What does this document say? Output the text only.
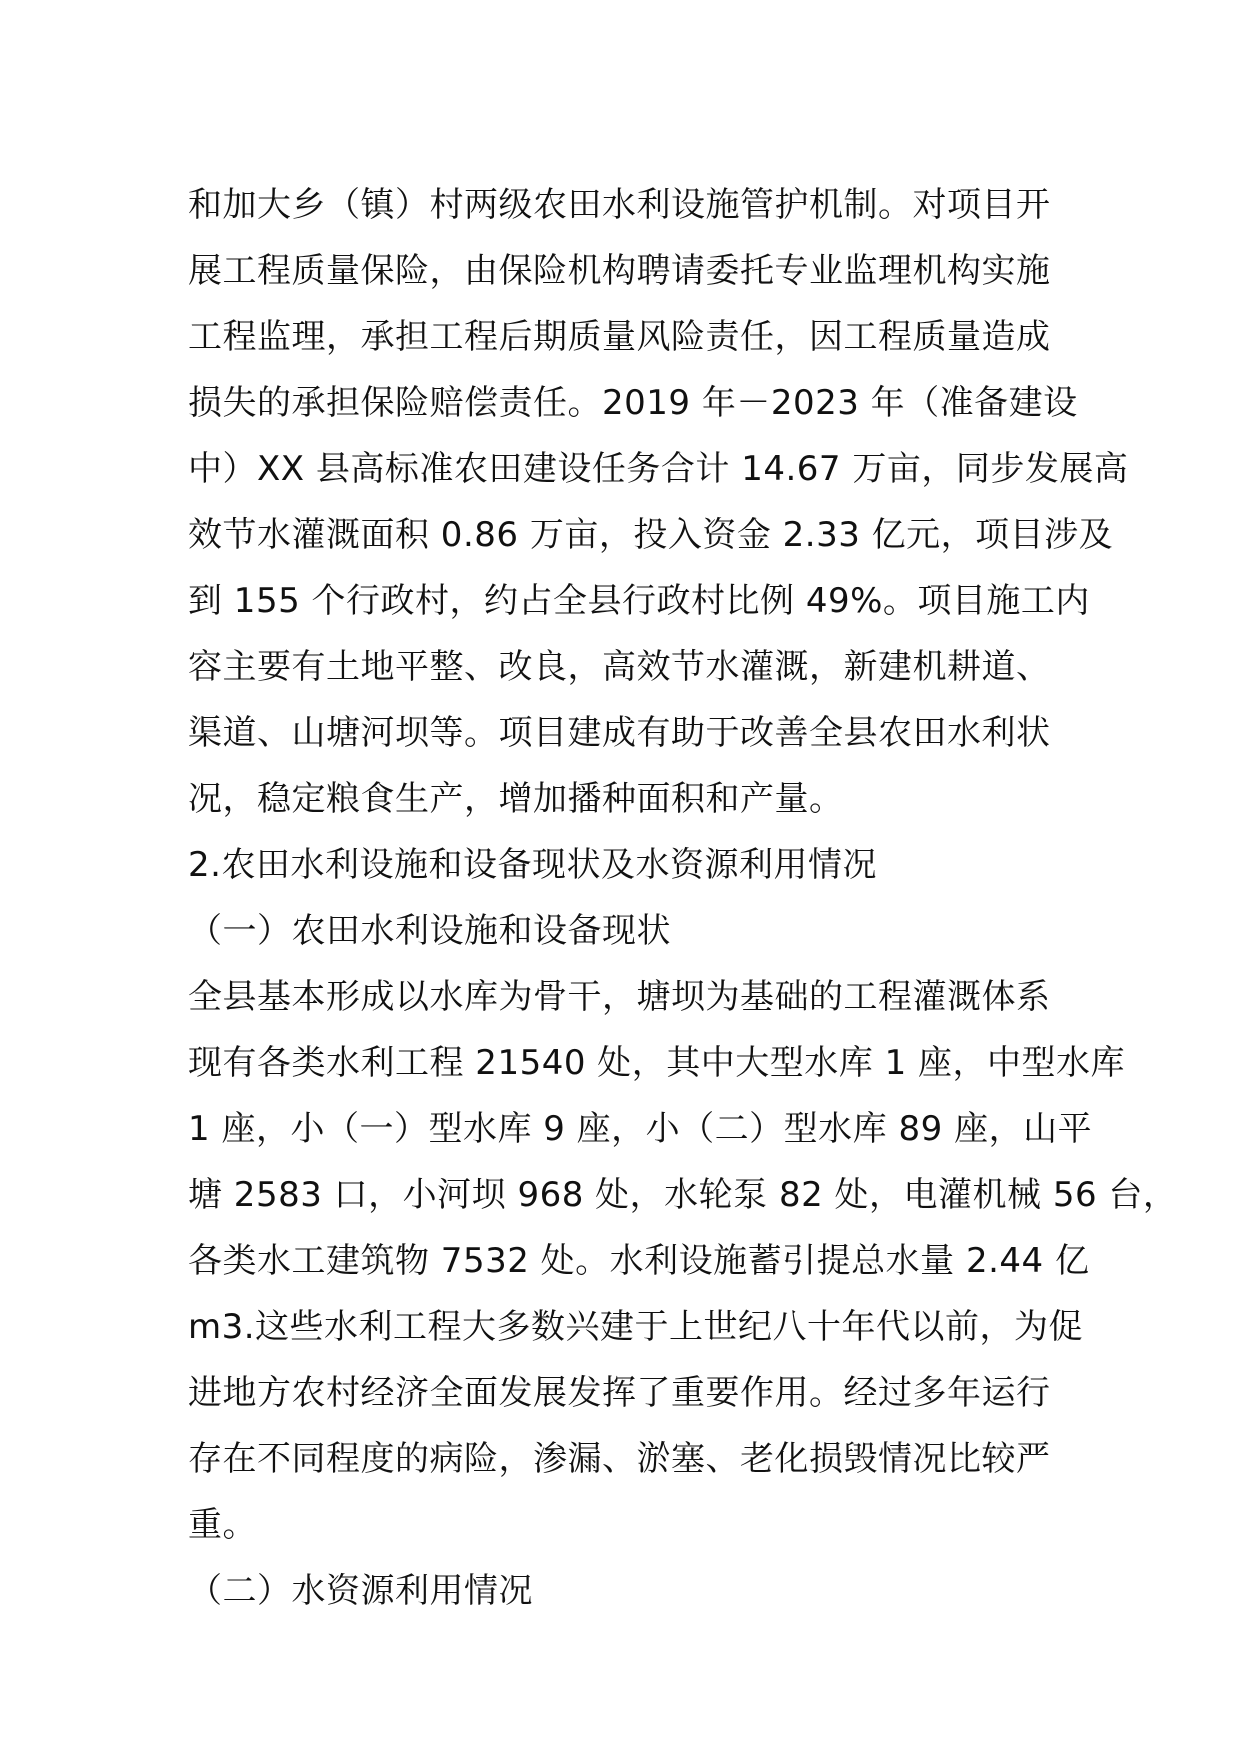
和加大乡（镇）村两级农田水利设施管护机制。对项目开
展工程质量保险，由保险机构聘请委托专业监理机构实施
工程监理，承担工程后期质量风险责任，因工程质量造成
损失的承担保险赔偿责任。2019 年－2023 年（准备建设
中）XX 县高标准农田建设任务合计 14.67 万亩，同步发展高
效节水灌溉面积 0.86 万亩，投入资金 2.33 亿元，项目涉及
到 155 个行政村，约占全县行政村比例 49%。项目施工内
容主要有土地平整、改良，高效节水灌溉，新建机耕道、
渠道、山塘河坝等。项目建成有助于改善全县农田水利状
况，稳定粮食生产，增加播种面积和产量。
2.农田水利设施和设备现状及水资源利用情况
（一）农田水利设施和设备现状
全县基本形成以水库为骨干，塘坝为基础的工程灌溉体系
现有各类水利工程 21540 处，其中大型水库 1 座，中型水库
1 座，小（一）型水库 9 座，小（二）型水库 89 座，山平
塘 2583 口，小河坝 968 处，水轮泵 82 处，电灌机械 56 台，
各类水工建筑物 7532 处。水利设施蓄引提总水量 2.44 亿
m3.这些水利工程大多数兴建于上世纪八十年代以前，为促
进地方农村经济全面发展发挥了重要作用。经过多年运行
存在不同程度的病险，渗漏、淤塞、老化损毁情况比较严
重。
（二）水资源利用情况
